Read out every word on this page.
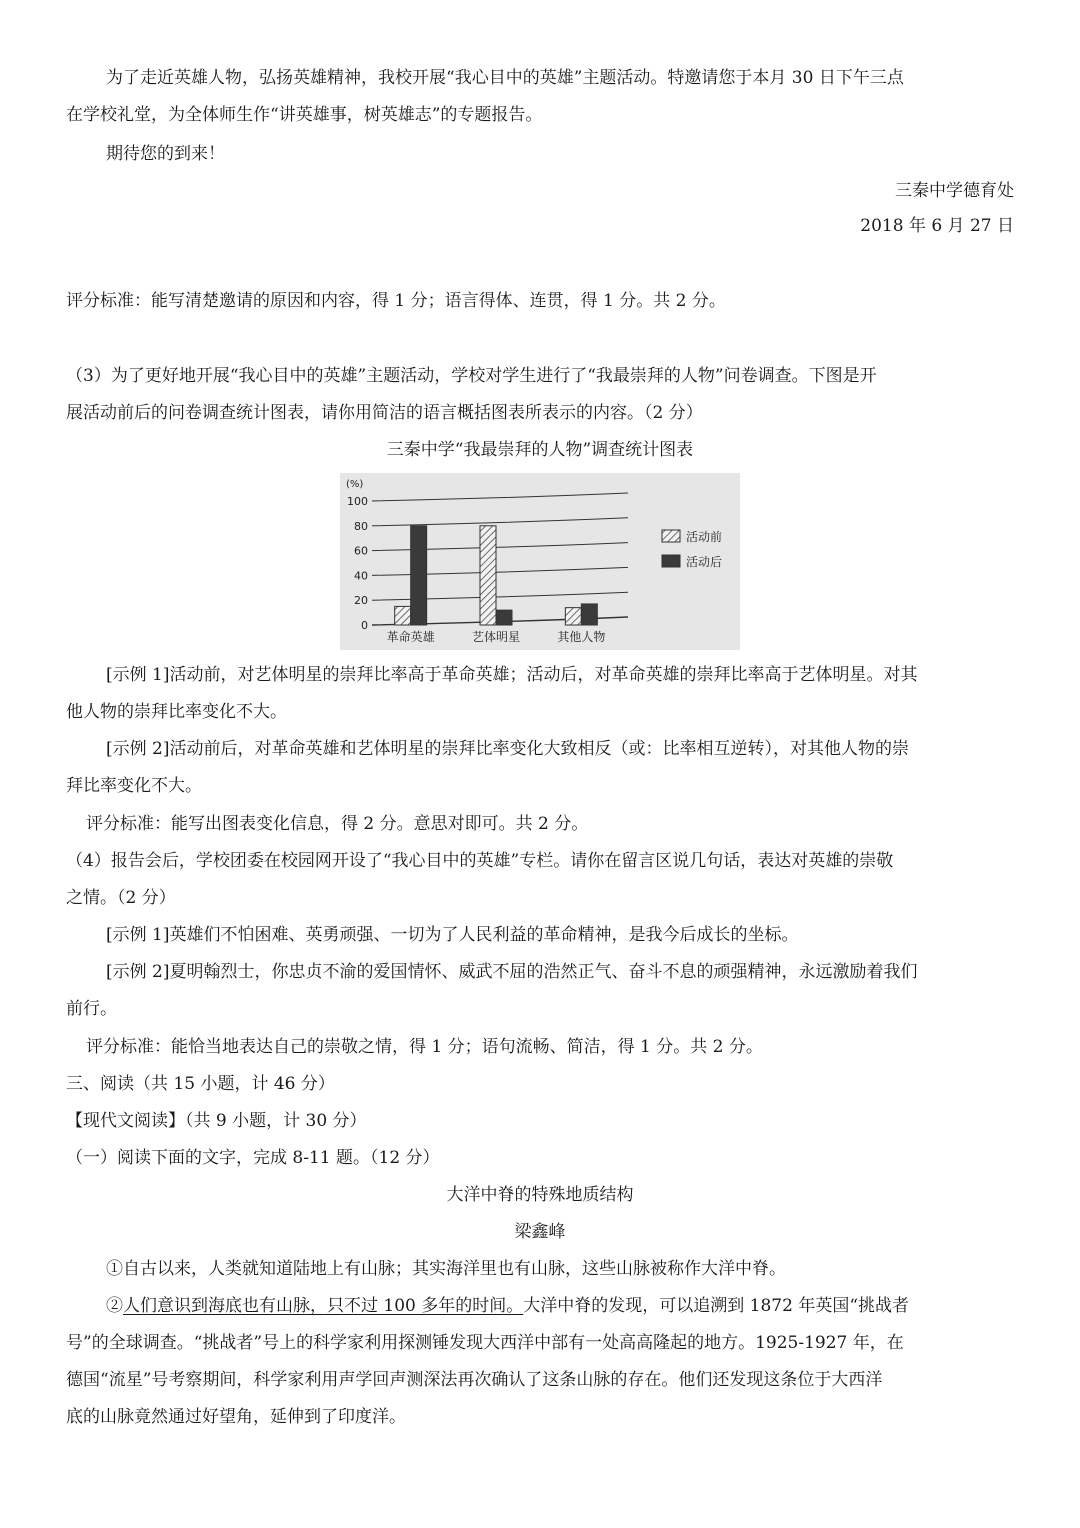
为了走近英雄人物，弘扬英雄精神，我校开展“我心目中的英雄”主题活动。特邀请您于本月 30 日下午三点
在学校礼堂，为全体师生作“讲英雄事，树英雄志”的专题报告。
期待您的到来！
三秦中学德育处
2018 年 6 月 27 日
评分标准：能写清楚邀请的原因和内容，得 1 分；语言得体、连贯，得 1 分。共 2 分。
（3）为了更好地开展“我心目中的英雄”主题活动，学校对学生进行了“我最崇拜的人物”问卷调查。下图是开
展活动前后的问卷调查统计图表，请你用简洁的语言概括图表所表示的内容。（2 分）
三秦中学“我最崇拜的人物”调查统计图表
0
20
40
60
80
100
(%)
革命英雄	艺体明星	其他人物
活动前
活动后
[示例 1]活动前，对艺体明星的崇拜比率高于革命英雄；活动后，对革命英雄的崇拜比率高于艺体明星。对其
他人物的崇拜比率变化不大。
[示例 2]活动前后，对革命英雄和艺体明星的崇拜比率变化大致相反（或：比率相互逆转），对其他人物的崇
拜比率变化不大。
评分标准：能写出图表变化信息，得 2 分。意思对即可。共 2 分。
（4）报告会后，学校团委在校园网开设了“我心目中的英雄”专栏。请你在留言区说几句话，表达对英雄的崇敬
之情。（2 分）
[示例 1]英雄们不怕困难、英勇顽强、一切为了人民利益的革命精神，是我今后成长的坐标。
[示例 2]夏明翰烈士，你忠贞不渝的爱国情怀、威武不屈的浩然正气、奋斗不息的顽强精神，永远激励着我们
前行。
评分标准：能恰当地表达自己的崇敬之情，得 1 分；语句流畅、简洁，得 1 分。共 2 分。
三、阅读（共 15 小题，计 46 分）
【现代文阅读】（共 9 小题，计 30 分）
（一）阅读下面的文字，完成 8-11 题。（12 分）
大洋中脊的特殊地质结构
梁鑫峰
①自古以来，人类就知道陆地上有山脉；其实海洋里也有山脉，这些山脉被称作大洋中脊。
②人们意识到海底也有山脉，只不过 100 多年的时间。大洋中脊的发现，可以追溯到 1872 年英国“挑战者
号”的全球调查。“挑战者”号上的科学家利用探测锤发现大西洋中部有一处高高隆起的地方。1925-1927 年，在
德国“流星”号考察期间，科学家利用声学回声测深法再次确认了这条山脉的存在。他们还发现这条位于大西洋
底的山脉竟然通过好望角，延伸到了印度洋。
